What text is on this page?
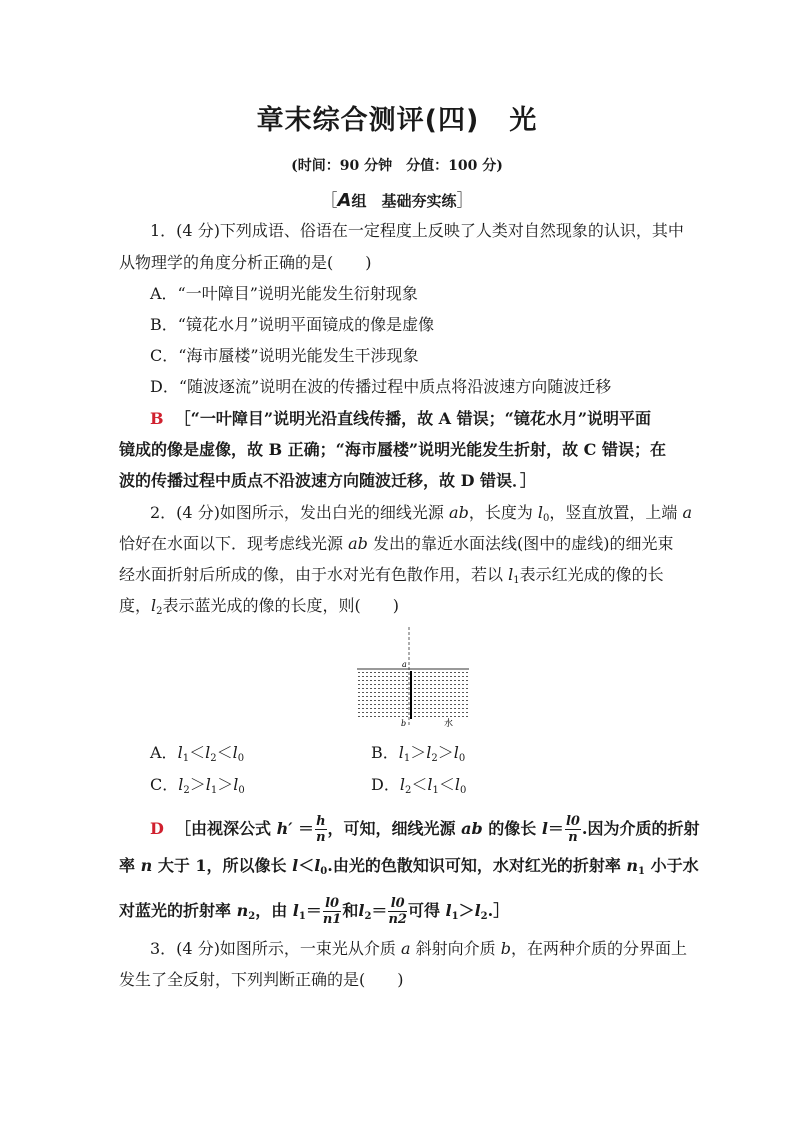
章末综合测评(四) 光
(时间：90 分钟　分值：100 分)
［A组　基础夯实练］
1．(4 分)下列成语、俗语在一定程度上反映了人类对自然现象的认识，其中
从物理学的角度分析正确的是(　　)
A．“一叶障目”说明光能发生衍射现象
B．“镜花水月”说明平面镜成的像是虚像
C．“海市蜃楼”说明光能发生干涉现象
D．“随波逐流”说明在波的传播过程中质点将沿波速方向随波迁移
B ［“一叶障目”说明光沿直线传播，故 A 错误；“镜花水月”说明平面
镜成的像是虚像，故 B 正确；“海市蜃楼”说明光能发生折射，故 C 错误；在
波的传播过程中质点不沿波速方向随波迁移，故 D 错误．］
2．(4 分)如图所示，发出白光的细线光源 ab，长度为 $l_0$，竖直放置，上端 a
恰好在水面以下．现考虑线光源 ab 发出的靠近水面法线(图中的虚线)的细光束
经水面折射后所成的像，由于水对光有色散作用，若以 $l_1$表示红光成的像的长
度，$l_2$表示蓝光成的像的长度，则(　　)
a
b	水
A．$l_1<l_2<l_0$	B．$l_1>l_2>l_0$
C．$l_2>l_1>l_0$	D．$l_2<l_1<l_0$
D ［由视深公式 $h' = \frac{h}{n}$ ，可知，细线光源 ab 的像长 $l= \frac{l0}{n}$ .因为介质的折射
率 n 大于 1，所以像长 $l<l_0$.由光的色散知识可知，水对红光的折射率 $n_1$ 小于水
对蓝光的折射率 $n_2$，由 $l_1= \frac{l0}{n1}$ 和$l_2= \frac{l0}{n2}$ 可得 $l_1>l_2.]$
3．(4 分)如图所示，一束光从介质 a 斜射向介质 b，在两种介质的分界面上
发生了全反射，下列判断正确的是(　　)
